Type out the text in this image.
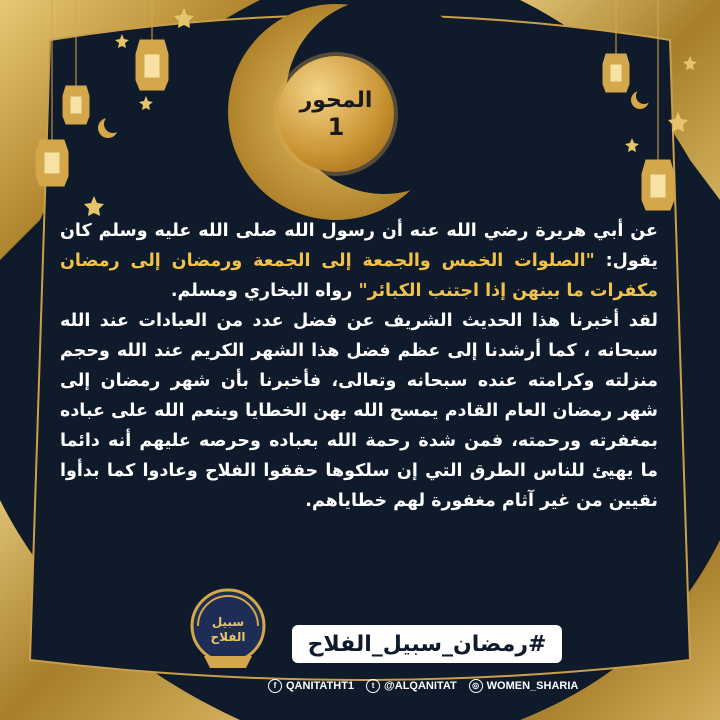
المحور
1

عن أبي هريرة رضي الله عنه أن رسول الله صلى الله عليه وسلم كان يقول: "الصلوات الخمس والجمعة إلى الجمعة ورمضان إلى رمضان مكفرات ما بينهن إذا اجتنب الكبائر" رواه البخاري ومسلم.

لقد أخبرنا هذا الحديث الشريف عن فضل عدد من العبادات عند الله سبحانه ، كما أرشدنا إلى عظم فضل هذا الشهر الكريم عند الله وحجم منزلته وكرامته عنده سبحانه وتعالى، فأخبرنا بأن شهر رمضان إلى شهر رمضان العام القادم يمسح الله بهن الخطايا وينعم الله على عباده بمغفرته ورحمته، فمن شدة رحمة الله بعباده وحرصه عليهم أنه دائما ما يهيئ للناس الطرق التي إن سلكوها حققوا الفلاح وعادوا كما بدأوا نقيين من غير آثام مغفورة لهم خطاياهم.

سبيل
الفلاح	#رمضان_سبيل_الفلاح
f QANITATHT1	t @ALQANITAT	◎ WOMEN_SHARIA
